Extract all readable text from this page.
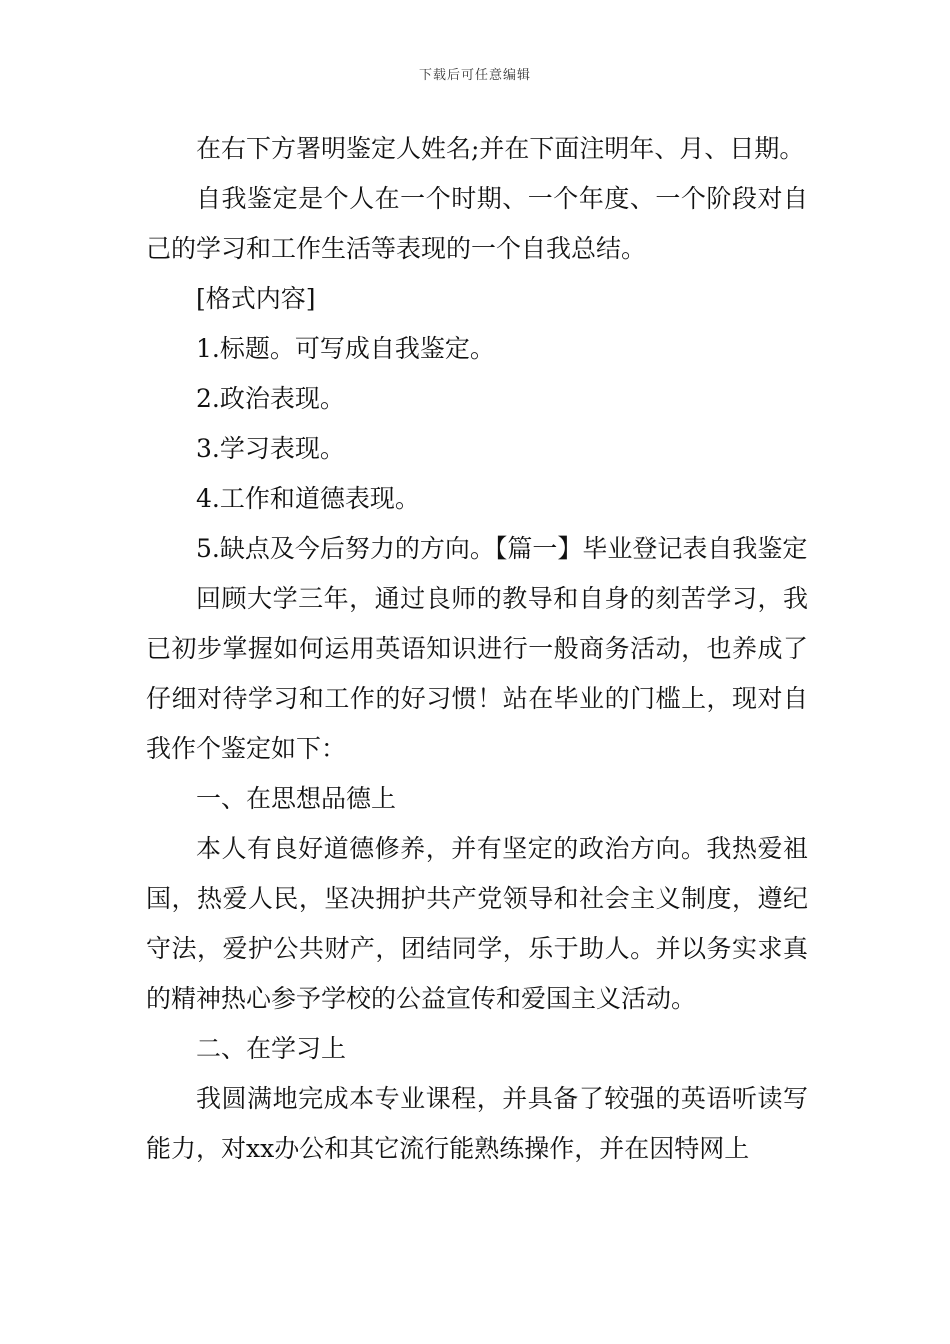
下载后可任意编辑

在右下方署明鉴定人姓名;并在下面注明年、月、日期。

自我鉴定是个人在一个时期、一个年度、一个阶段对自己的学习和工作生活等表现的一个自我总结。

[格式内容]

1.标题。可写成自我鉴定。

2.政治表现。

3.学习表现。

4.工作和道德表现。

5.缺点及今后努力的方向。【篇一】毕业登记表自我鉴定

回顾大学三年，通过良师的教导和自身的刻苦学习，我已初步掌握如何运用英语知识进行一般商务活动，也养成了仔细对待学习和工作的好习惯！站在毕业的门槛上，现对自我作个鉴定如下：

一、在思想品德上

本人有良好道德修养，并有坚定的政治方向。我热爱祖国，热爱人民，坚决拥护共产党领导和社会主义制度，遵纪守法，爱护公共财产，团结同学，乐于助人。并以务实求真的精神热心参予学校的公益宣传和爱国主义活动。

二、在学习上

我圆满地完成本专业课程，并具备了较强的英语听读写能力，对xx办公和其它流行能熟练操作，并在因特网上
